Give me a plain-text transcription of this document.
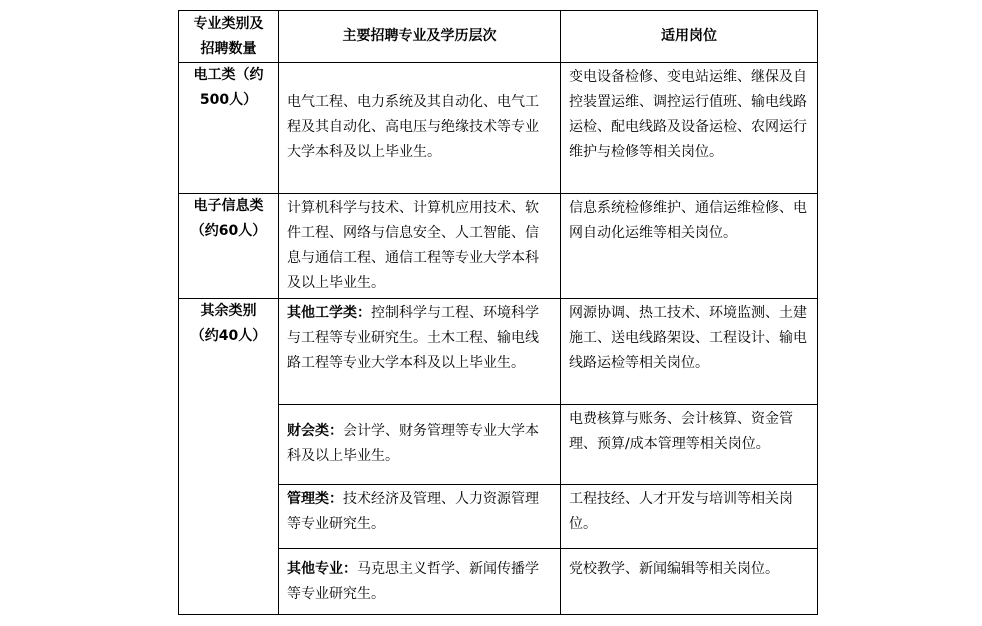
专业类别及招聘数量	主要招聘专业及学历层次	适用岗位
电工类（约500人）	电气工程、电力系统及其自动化、电气工程及其自动化、高电压与绝缘技术等专业大学本科及以上毕业生。	变电设备检修、变电站运维、继保及自控装置运维、调控运行值班、输电线路运检、配电线路及设备运检、农网运行维护与检修等相关岗位。

电子信息类（约60人）	计算机科学与技术、计算机应用技术、软件工程、网络与信息安全、人工智能、信息与通信工程、通信工程等专业大学本科及以上毕业生。	信息系统检修维护、通信运维检修、电网自动化运维等相关岗位。

其余类别（约40人）	其他工学类：控制科学与工程、环境科学与工程等专业研究生。土木工程、输电线路工程等专业大学本科及以上毕业生。	网源协调、热工技术、环境监测、土建施工、送电线路架设、工程设计、输电线路运检等相关岗位。

	财会类：会计学、财务管理等专业大学本科及以上毕业生。	电费核算与账务、会计核算、资金管理、预算/成本管理等相关岗位。

	管理类：技术经济及管理、人力资源管理等专业研究生。	工程技经、人才开发与培训等相关岗位。

	其他专业：马克思主义哲学、新闻传播学等专业研究生。	党校教学、新闻编辑等相关岗位。
